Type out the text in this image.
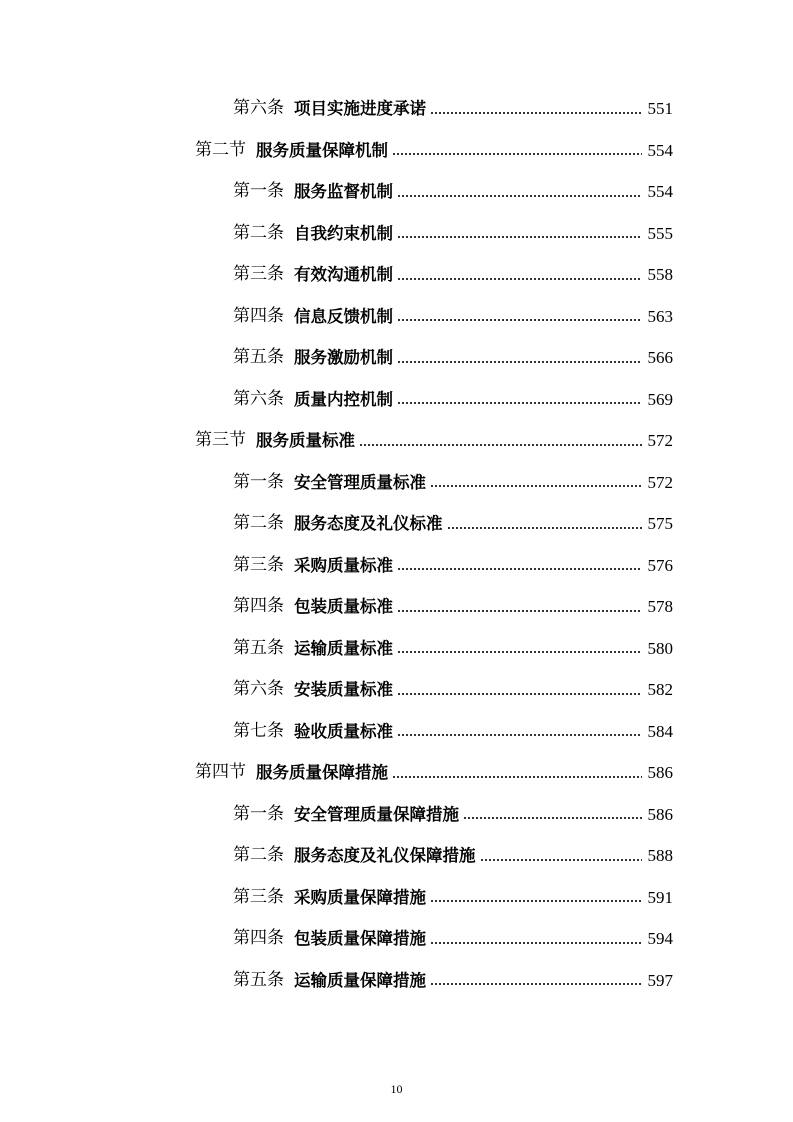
第六条 项目实施进度承诺	551
第二节 服务质量保障机制	554
第一条 服务监督机制	554
第二条 自我约束机制	555
第三条 有效沟通机制	558
第四条 信息反馈机制	563
第五条 服务激励机制	566
第六条 质量内控机制	569
第三节 服务质量标准	572
第一条 安全管理质量标准	572
第二条 服务态度及礼仪标准	575
第三条 采购质量标准	576
第四条 包装质量标准	578
第五条 运输质量标准	580
第六条 安装质量标准	582
第七条 验收质量标准	584
第四节 服务质量保障措施	586
第一条 安全管理质量保障措施	586
第二条 服务态度及礼仪保障措施	588
第三条 采购质量保障措施	591
第四条 包装质量保障措施	594
第五条 运输质量保障措施	597
10
